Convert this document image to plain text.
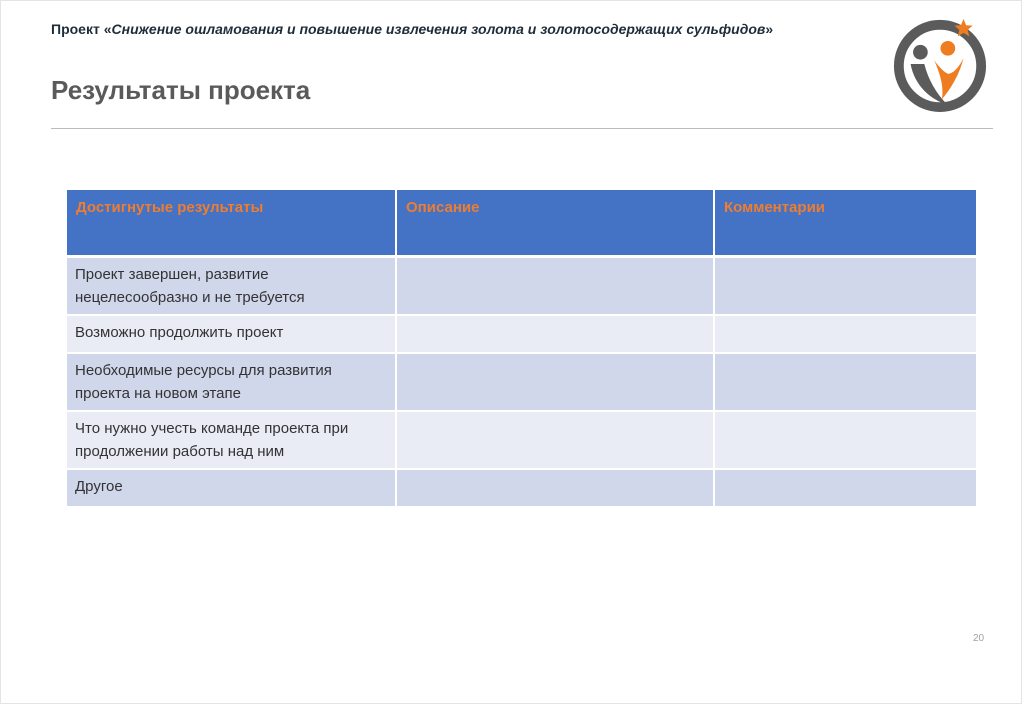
Проект «Снижение ошламования и повышение извлечения золота и золотосодержащих сульфидов»
Результаты проекта
Достигнутые результаты	Описание	Комментарии
Проект завершен, развитие нецелесообразно и не требуется		
Возможно продолжить проект		
Необходимые ресурсы для развития проекта на новом этапе		
Что нужно учесть команде проекта при продолжении работы над ним		
Другое		
20
